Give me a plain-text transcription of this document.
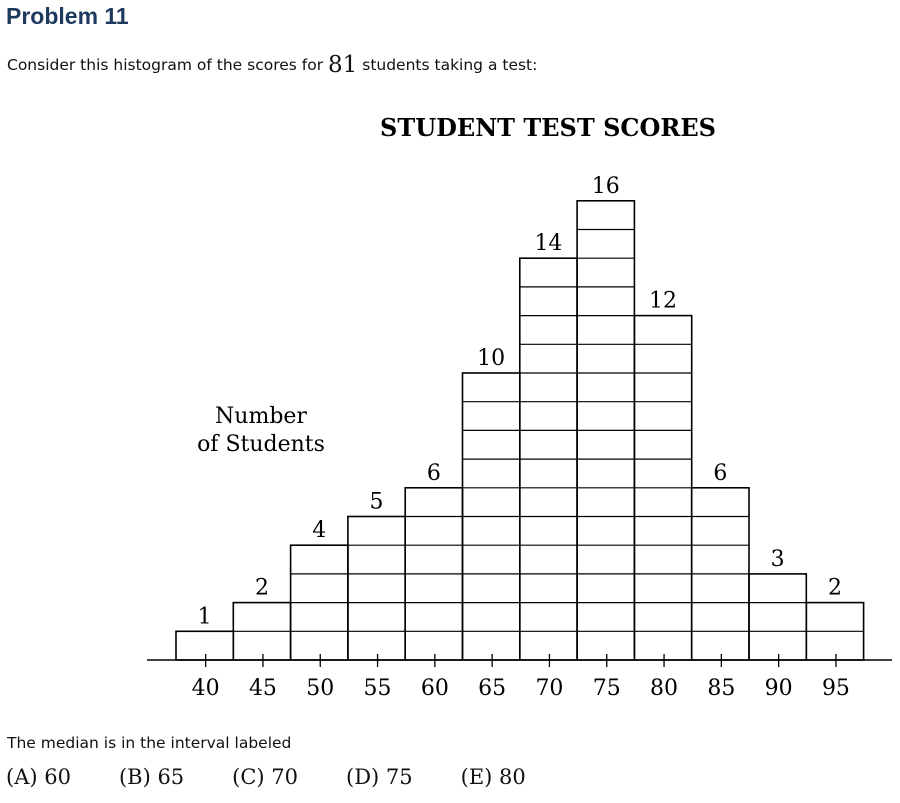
Problem 11

Consider this histogram of the scores for 81 students taking a test:

STUDENT TEST SCORES
Number
of Students
1
2
4
5
6
10
14
16
12
6
3
2
40 45 50 55 60 65 70 75 80 85 90 95

The median is in the interval labeled

(A) 60 (B) 65 (C) 70 (D) 75 (E) 80
